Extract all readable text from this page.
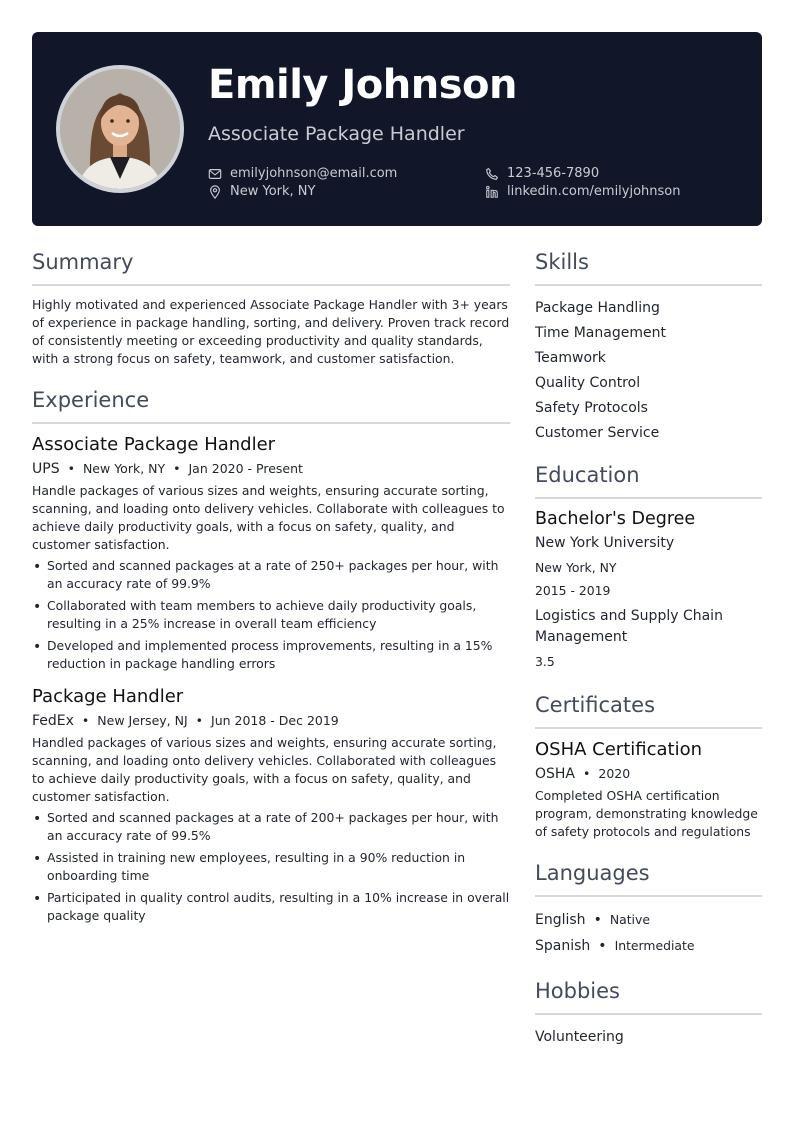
Emily Johnson
Associate Package Handler
emilyjohnson@email.com
New York, NY
123-456-7890
linkedin.com/emilyjohnson
Summary
Highly motivated and experienced Associate Package Handler with 3+ years of experience in package handling, sorting, and delivery. Proven track record of consistently meeting or exceeding productivity and quality standards, with a strong focus on safety, teamwork, and customer satisfaction.
Experience
Associate Package Handler
UPS • New York, NY • Jan 2020 - Present
Handle packages of various sizes and weights, ensuring accurate sorting, scanning, and loading onto delivery vehicles. Collaborate with colleagues to achieve daily productivity goals, with a focus on safety, quality, and customer satisfaction.
• Sorted and scanned packages at a rate of 250+ packages per hour, with an accuracy rate of 99.9%
• Collaborated with team members to achieve daily productivity goals, resulting in a 25% increase in overall team efficiency
• Developed and implemented process improvements, resulting in a 15% reduction in package handling errors
Package Handler
FedEx • New Jersey, NJ • Jun 2018 - Dec 2019
Handled packages of various sizes and weights, ensuring accurate sorting, scanning, and loading onto delivery vehicles. Collaborated with colleagues to achieve daily productivity goals, with a focus on safety, quality, and customer satisfaction.
• Sorted and scanned packages at a rate of 200+ packages per hour, with an accuracy rate of 99.5%
• Assisted in training new employees, resulting in a 90% reduction in onboarding time
• Participated in quality control audits, resulting in a 10% increase in overall package quality
Skills
Package Handling
Time Management
Teamwork
Quality Control
Safety Protocols
Customer Service
Education
Bachelor's Degree
New York University
New York, NY
2015 - 2019
Logistics and Supply Chain Management
3.5
Certificates
OSHA Certification
OSHA • 2020
Completed OSHA certification program, demonstrating knowledge of safety protocols and regulations
Languages
English • Native
Spanish • Intermediate
Hobbies
Volunteering
